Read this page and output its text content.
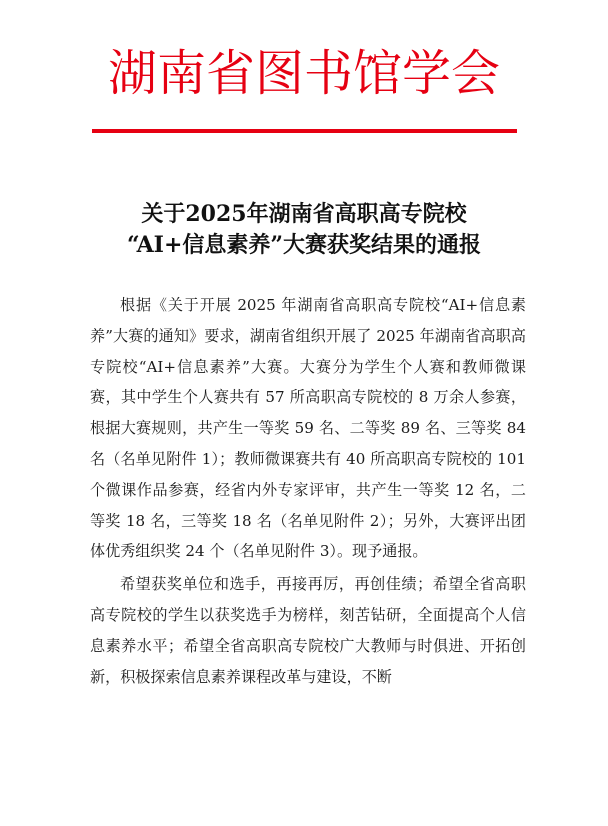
湖南省图书馆学会
关于2025年湖南省高职高专院校
“AI+信息素养”大赛获奖结果的通报

根据《关于开展 2025 年湖南省高职高专院校“AI+信息素养”大赛的通知》要求，湖南省组织开展了 2025 年湖南省高职高专院校“AI+信息素养”大赛。大赛分为学生个人赛和教师微课赛，其中学生个人赛共有 57 所高职高专院校的 8 万余人参赛，根据大赛规则，共产生一等奖 59 名、二等奖 89 名、三等奖 84 名（名单见附件 1）；教师微课赛共有 40 所高职高专院校的 101 个微课作品参赛，经省内外专家评审，共产生一等奖 12 名，二等奖 18 名，三等奖 18 名（名单见附件 2）；另外，大赛评出团体优秀组织奖 24 个（名单见附件 3）。现予通报。

希望获奖单位和选手，再接再厉，再创佳绩；希望全省高职高专院校的学生以获奖选手为榜样，刻苦钻研，全面提高个人信息素养水平；希望全省高职高专院校广大教师与时俱进、开拓创新，积极探索信息素养课程改革与建设，不断
